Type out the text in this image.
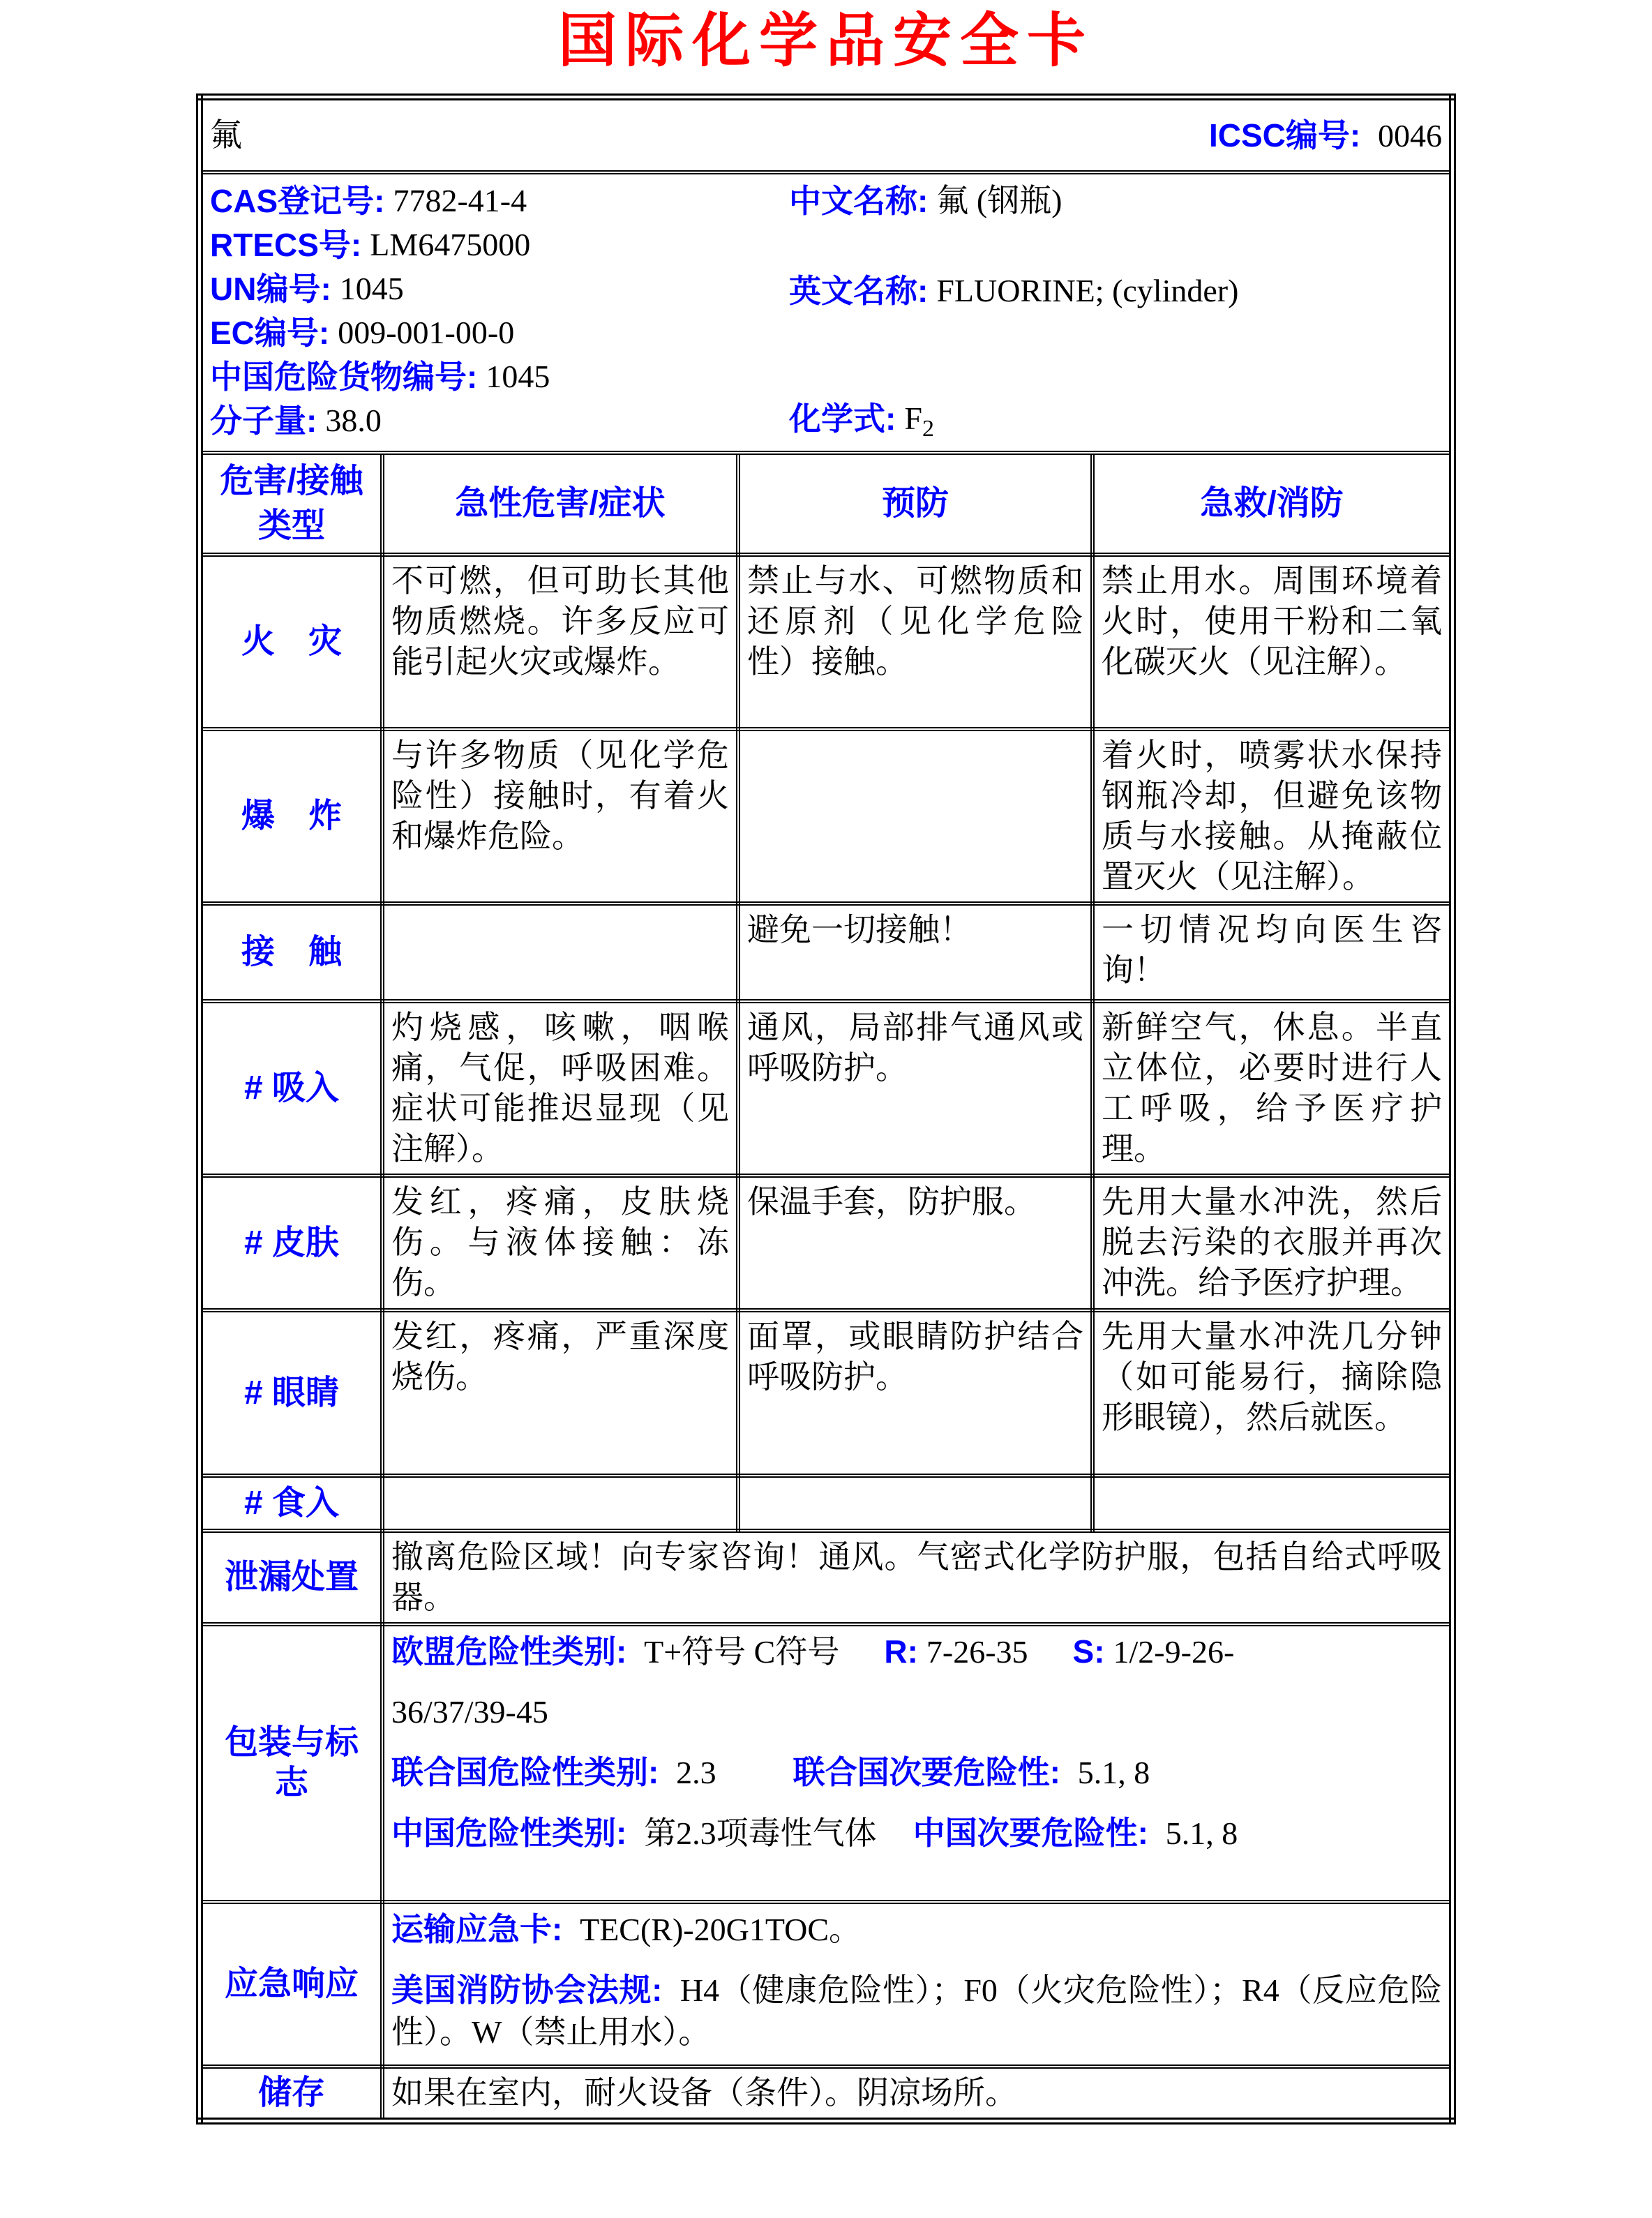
国际化学品安全卡
氟 ICSC编号: 0046			

CAS登记号: 7782-41-4
RTECS号: LM6475000
UN编号: 1045
EC编号: 009-001-00-0
中国危险货物编号: 1045
分子量: 38.0
中文名称: 氟 (钢瓶)
英文名称: FLUORINE; (cylinder)
化学式: $F_2$

危害/接触
类型	急性危害/症状	预防	急救/消防
火　灾	不可燃，但可助长其他物质燃烧。许多反应可能引起火灾或爆炸。	禁止与水、可燃物质和还原剂（见化学危险性）接触。	禁止用水。周围环境着火时，使用干粉和二氧化碳灭火（见注解）。
爆　炸	与许多物质（见化学危险性）接触时，有着火和爆炸危险。		着火时，喷雾状水保持钢瓶冷却，但避免该物质与水接触。从掩蔽位置灭火（见注解）。
接　触		避免一切接触！	一切情况均向医生咨询！
# 吸入	灼烧感，咳嗽，咽喉痛，气促，呼吸困难。症状可能推迟显现（见注解）。	通风，局部排气通风或呼吸防护。	新鲜空气，休息。半直立体位，必要时进行人工呼吸，给予医疗护理。
# 皮肤	发红，疼痛，皮肤烧伤。与液体接触：冻伤。	保温手套，防护服。	先用大量水冲洗，然后脱去污染的衣服并再次冲洗。给予医疗护理。
# 眼睛	发红，疼痛，严重深度烧伤。	面罩，或眼睛防护结合呼吸防护。	先用大量水冲洗几分钟（如可能易行，摘除隐形眼镜），然后就医。
# 食入			
泄漏处置	撤离危险区域！向专家咨询！通风。气密式化学防护服，包括自给式呼吸器。		
包装与标志	欧盟危险性类别: T+符号 C符号 R: 7-26-35 S: 1/2-9-26-
36/37/39-45
联合国危险性类别: 2.3 联合国次要危险性: 5.1, 8
中国危险性类别: 第2.3项毒性气体 中国次要危险性: 5.1, 8		

应急响应	运输应急卡: TEC(R)-20G1TOC。
美国消防协会法规: H4（健康危险性）；F0（火灾危险性）；R4（反应危险性）。W（禁止用水）。		

储存	如果在室内，耐火设备（条件）。阴凉场所。		
